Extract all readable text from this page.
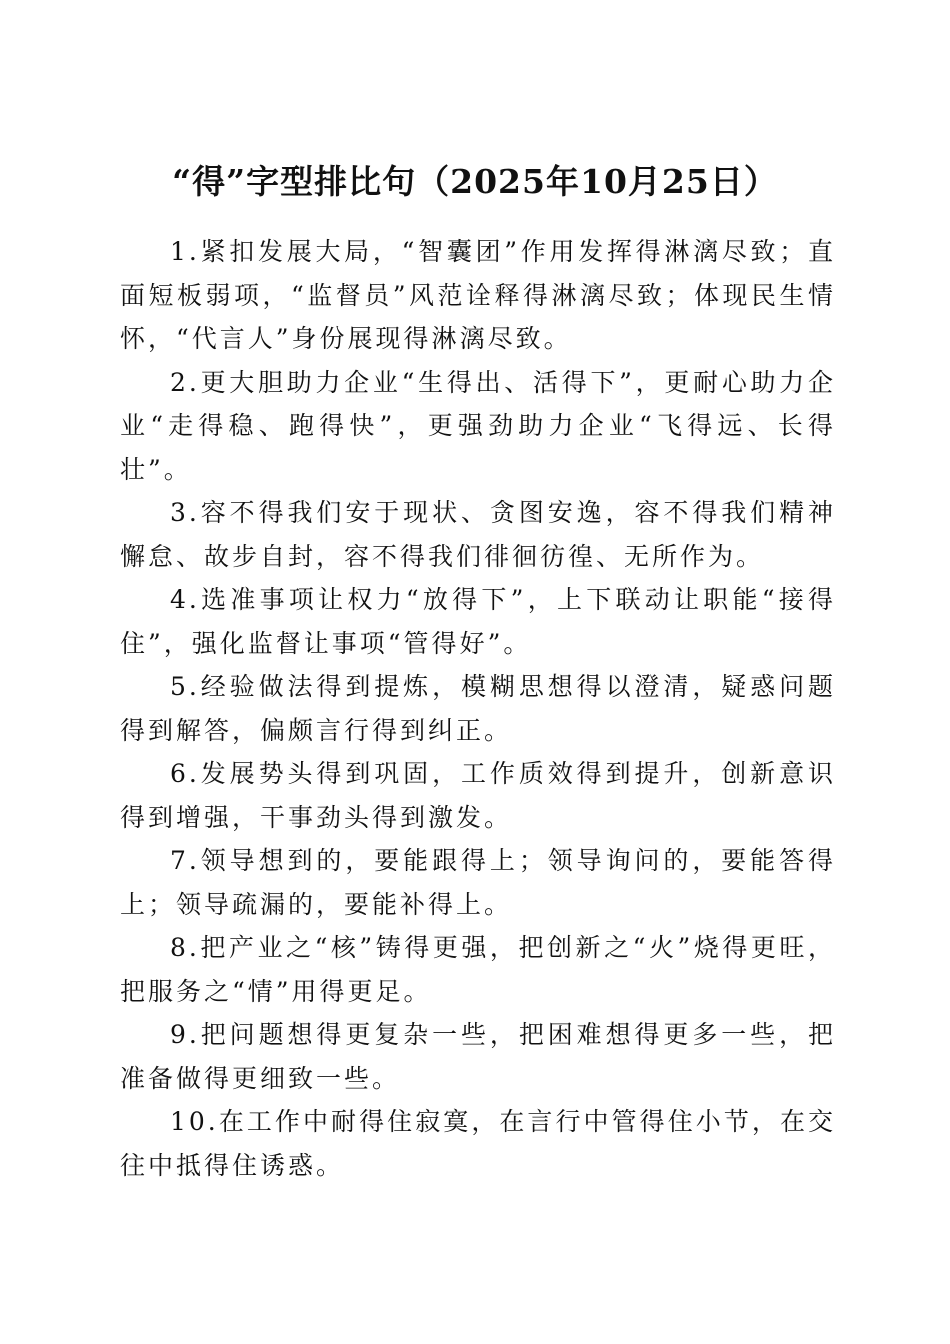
“得”字型排比句（2025年10月25日）

1.紧扣发展大局，“智囊团”作用发挥得淋漓尽致；直面短板弱项，“监督员”风范诠释得淋漓尽致；体现民生情怀，“代言人”身份展现得淋漓尽致。

2.更大胆助力企业“生得出、活得下”，更耐心助力企业“走得稳、跑得快”，更强劲助力企业“飞得远、长得壮”。

3.容不得我们安于现状、贪图安逸，容不得我们精神懈怠、故步自封，容不得我们徘徊彷徨、无所作为。

4.选准事项让权力“放得下”，上下联动让职能“接得住”，强化监督让事项“管得好”。

5.经验做法得到提炼，模糊思想得以澄清，疑惑问题得到解答，偏颇言行得到纠正。

6.发展势头得到巩固，工作质效得到提升，创新意识得到增强，干事劲头得到激发。

7.领导想到的，要能跟得上；领导询问的，要能答得上；领导疏漏的，要能补得上。

8.把产业之“核”铸得更强，把创新之“火”烧得更旺，把服务之“情”用得更足。

9.把问题想得更复杂一些，把困难想得更多一些，把准备做得更细致一些。

10.在工作中耐得住寂寞，在言行中管得住小节，在交往中抵得住诱惑。
